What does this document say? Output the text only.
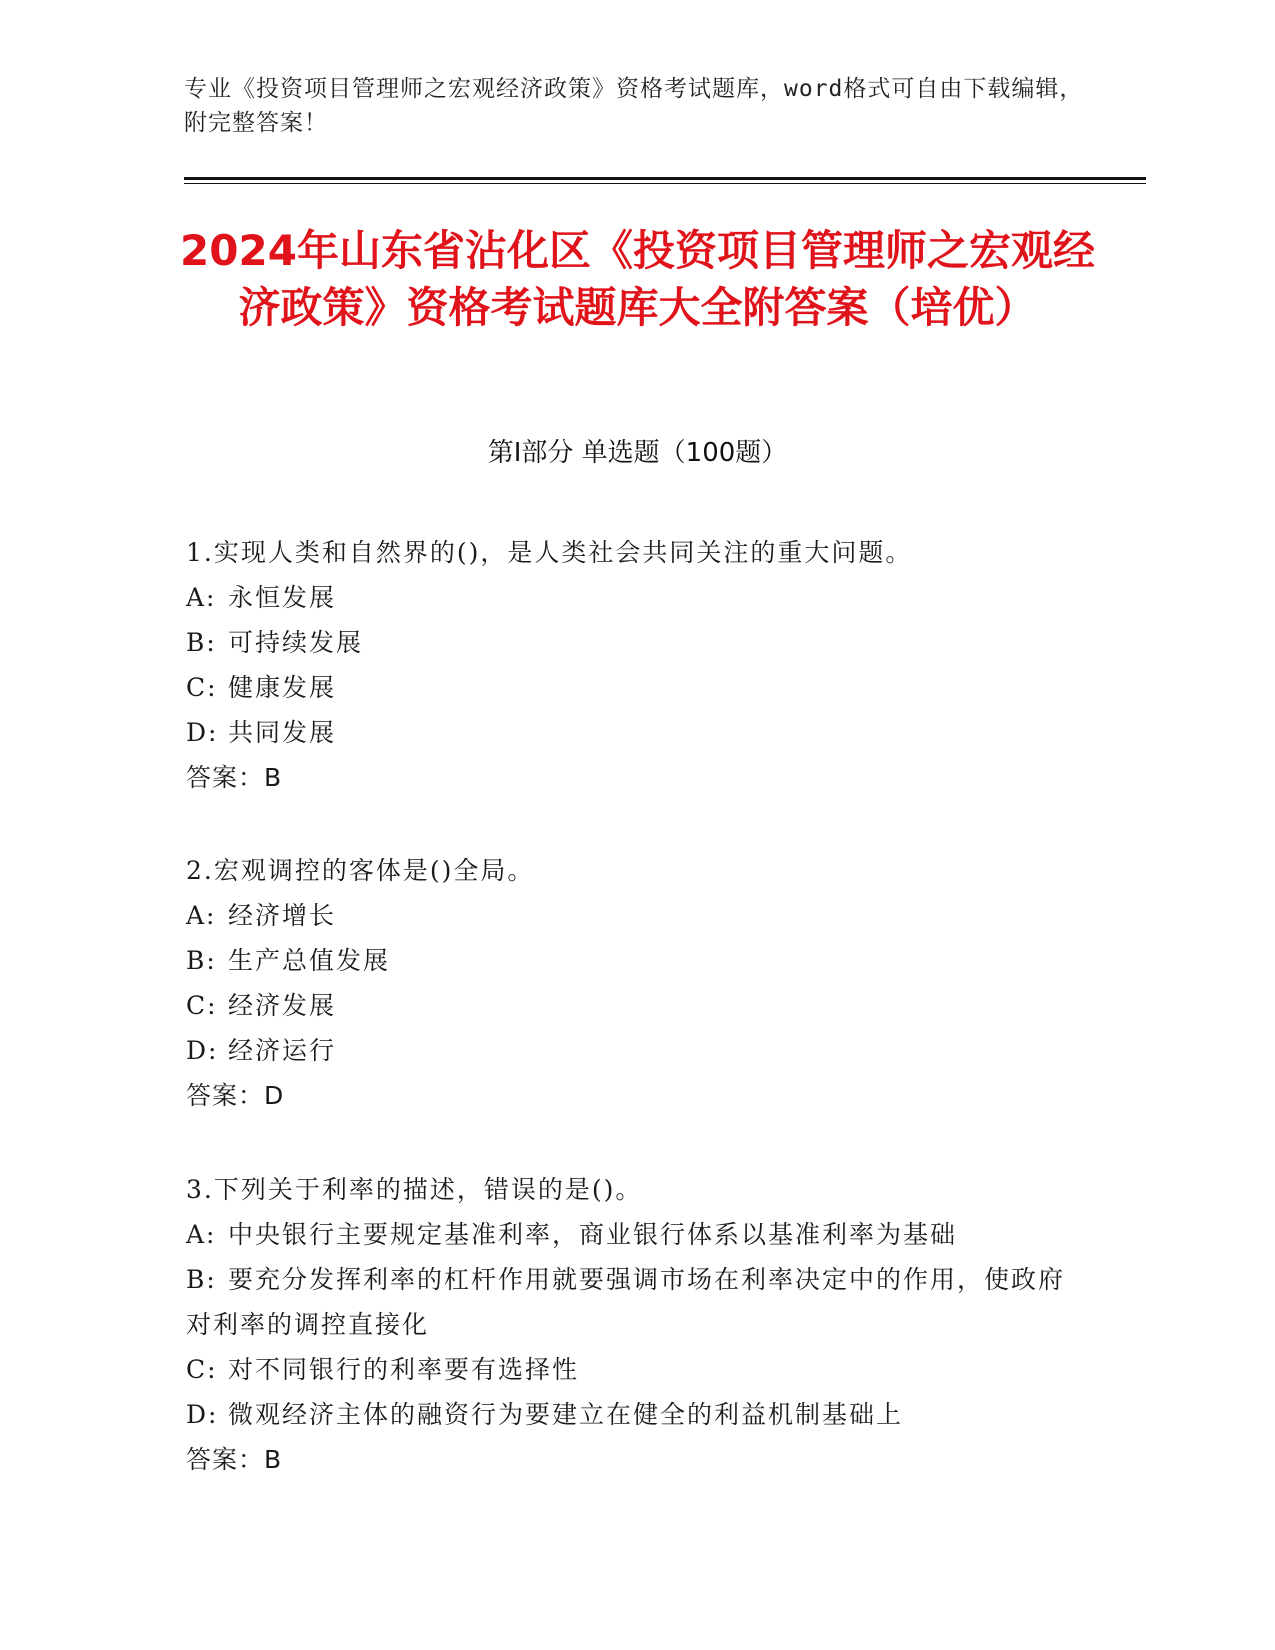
专业《投资项目管理师之宏观经济政策》资格考试题库，word格式可自由下载编辑，附完整答案！
2024年山东省沾化区《投资项目管理师之宏观经济政策》资格考试题库大全附答案（培优）
第I部分 单选题（100题）

1.实现人类和自然界的()，是人类社会共同关注的重大问题。

A: 永恒发展

B: 可持续发展

C: 健康发展

D: 共同发展

答案：B

2.宏观调控的客体是()全局。

A: 经济增长

B: 生产总值发展

C: 经济发展

D: 经济运行

答案：D

3.下列关于利率的描述，错误的是()。

A: 中央银行主要规定基准利率，商业银行体系以基准利率为基础

B: 要充分发挥利率的杠杆作用就要强调市场在利率决定中的作用，使政府对利率的调控直接化

C: 对不同银行的利率要有选择性

D: 微观经济主体的融资行为要建立在健全的利益机制基础上

答案：B
